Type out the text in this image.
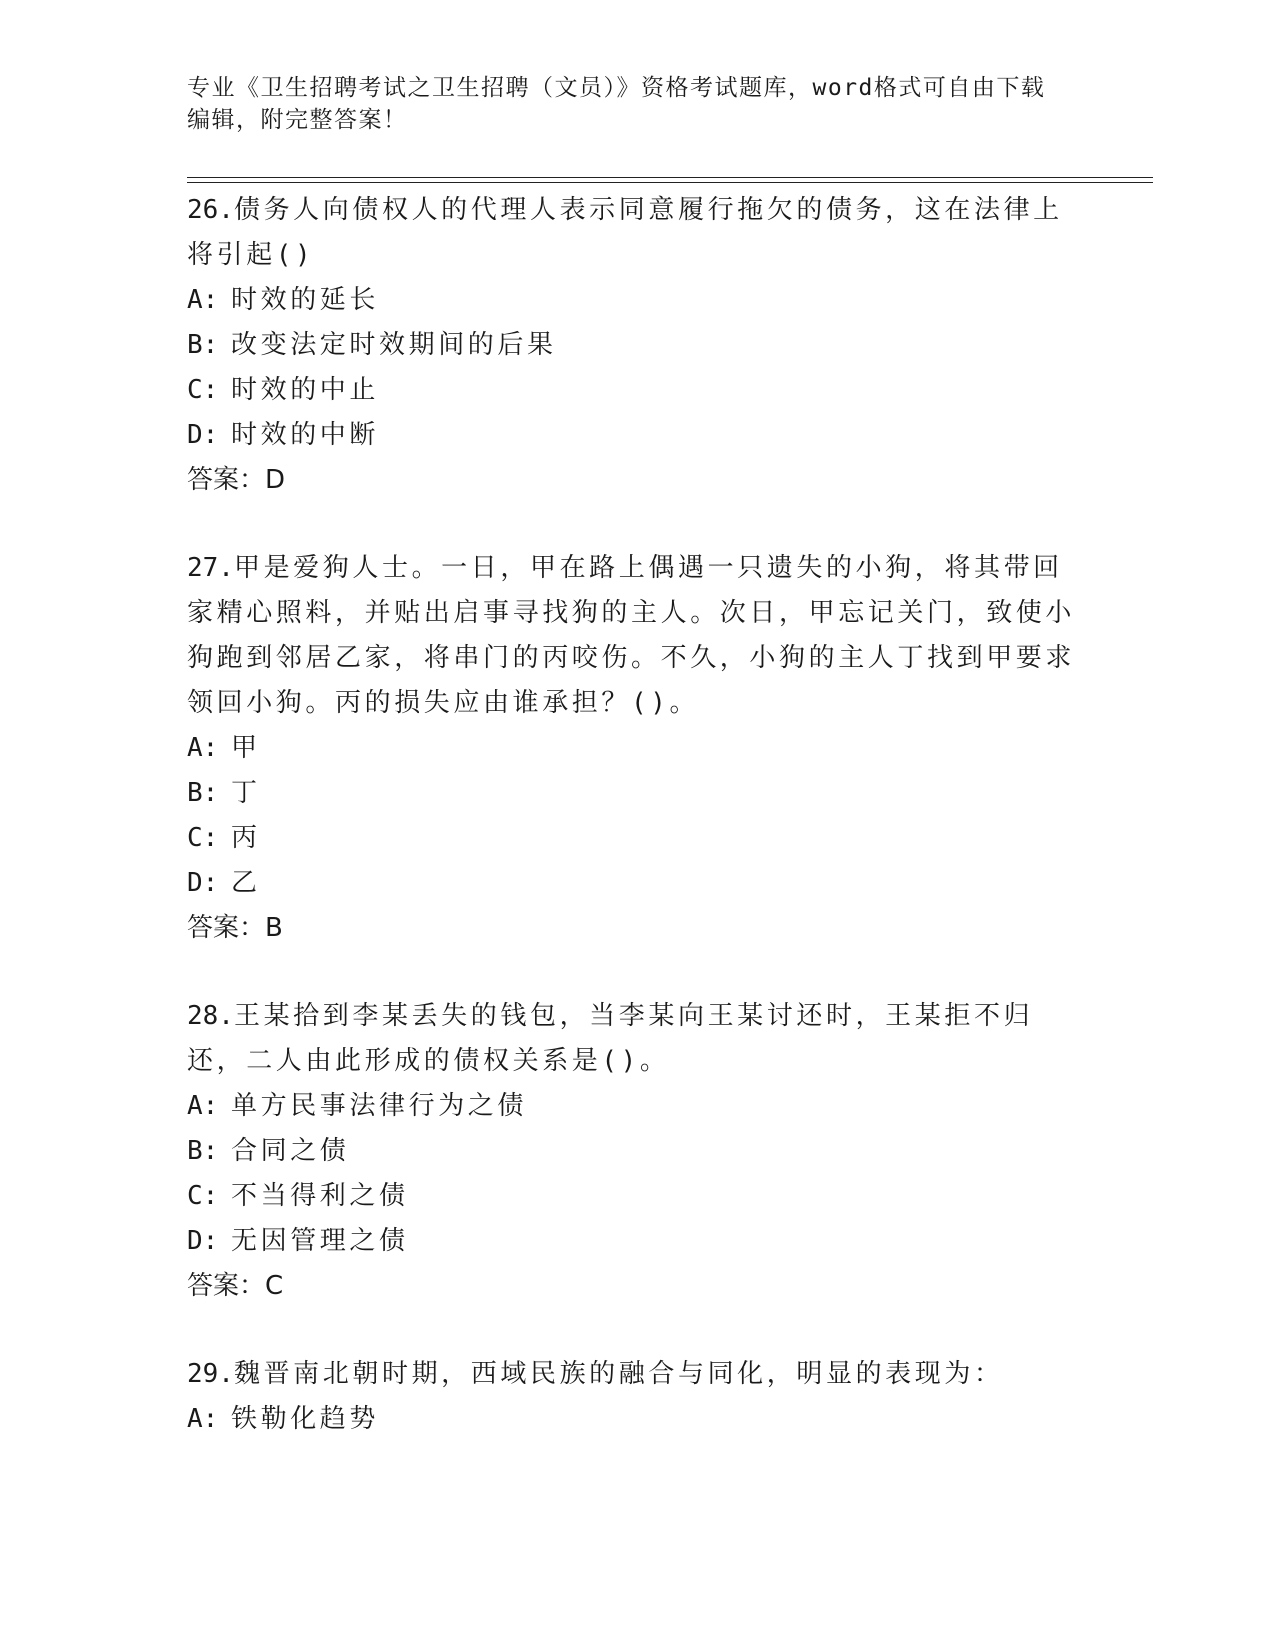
专业《卫生招聘考试之卫生招聘（文员）》资格考试题库，word格式可自由下载编辑，附完整答案！

26.债务人向债权人的代理人表示同意履行拖欠的债务，这在法律上将引起()

A: 时效的延长

B: 改变法定时效期间的后果

C: 时效的中止

D: 时效的中断

答案：D

27.甲是爱狗人士。一日，甲在路上偶遇一只遗失的小狗，将其带回家精心照料，并贴出启事寻找狗的主人。次日，甲忘记关门，致使小狗跑到邻居乙家，将串门的丙咬伤。不久，小狗的主人丁找到甲要求领回小狗。丙的损失应由谁承担？()。

A: 甲

B: 丁

C: 丙

D: 乙

答案：B

28.王某拾到李某丢失的钱包，当李某向王某讨还时，王某拒不归还，二人由此形成的债权关系是()。

A: 单方民事法律行为之债

B: 合同之债

C: 不当得利之债

D: 无因管理之债

答案：C

29.魏晋南北朝时期，西域民族的融合与同化，明显的表现为：

A: 铁勒化趋势
